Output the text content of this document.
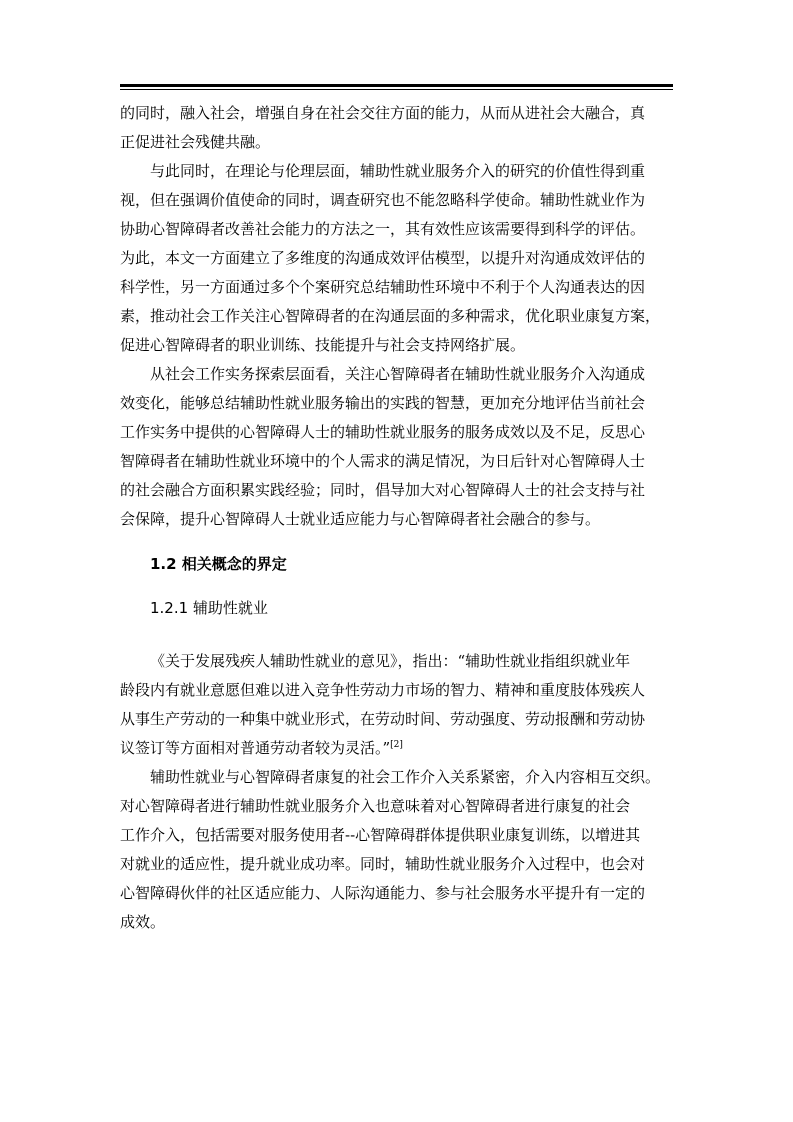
的同时，融入社会，增强自身在社会交往方面的能力，从而从进社会大融合，真
正促进社会残健共融。
与此同时，在理论与伦理层面，辅助性就业服务介入的研究的价值性得到重
视，但在强调价值使命的同时，调查研究也不能忽略科学使命。辅助性就业作为
协助心智障碍者改善社会能力的方法之一，其有效性应该需要得到科学的评估。
为此，本文一方面建立了多维度的沟通成效评估模型，以提升对沟通成效评估的
科学性，另一方面通过多个个案研究总结辅助性环境中不利于个人沟通表达的因
素，推动社会工作关注心智障碍者的在沟通层面的多种需求，优化职业康复方案，
促进心智障碍者的职业训练、技能提升与社会支持网络扩展。
从社会工作实务探索层面看，关注心智障碍者在辅助性就业服务介入沟通成
效变化，能够总结辅助性就业服务输出的实践的智慧，更加充分地评估当前社会
工作实务中提供的心智障碍人士的辅助性就业服务的服务成效以及不足，反思心
智障碍者在辅助性就业环境中的个人需求的满足情况，为日后针对心智障碍人士
的社会融合方面积累实践经验；同时，倡导加大对心智障碍人士的社会支持与社
会保障，提升心智障碍人士就业适应能力与心智障碍者社会融合的参与。
1.2 相关概念的界定
1.2.1 辅助性就业
《关于发展残疾人辅助性就业的意见》，指出：“辅助性就业指组织就业年
龄段内有就业意愿但难以进入竞争性劳动力市场的智力、精神和重度肢体残疾人
从事生产劳动的一种集中就业形式，在劳动时间、劳动强度、劳动报酬和劳动协
议签订等方面相对普通劳动者较为灵活。”[2]
辅助性就业与心智障碍者康复的社会工作介入关系紧密，介入内容相互交织。
对心智障碍者进行辅助性就业服务介入也意味着对心智障碍者进行康复的社会
工作介入，包括需要对服务使用者--心智障碍群体提供职业康复训练，以增进其
对就业的适应性，提升就业成功率。同时，辅助性就业服务介入过程中，也会对
心智障碍伙伴的社区适应能力、人际沟通能力、参与社会服务水平提升有一定的
成效。
